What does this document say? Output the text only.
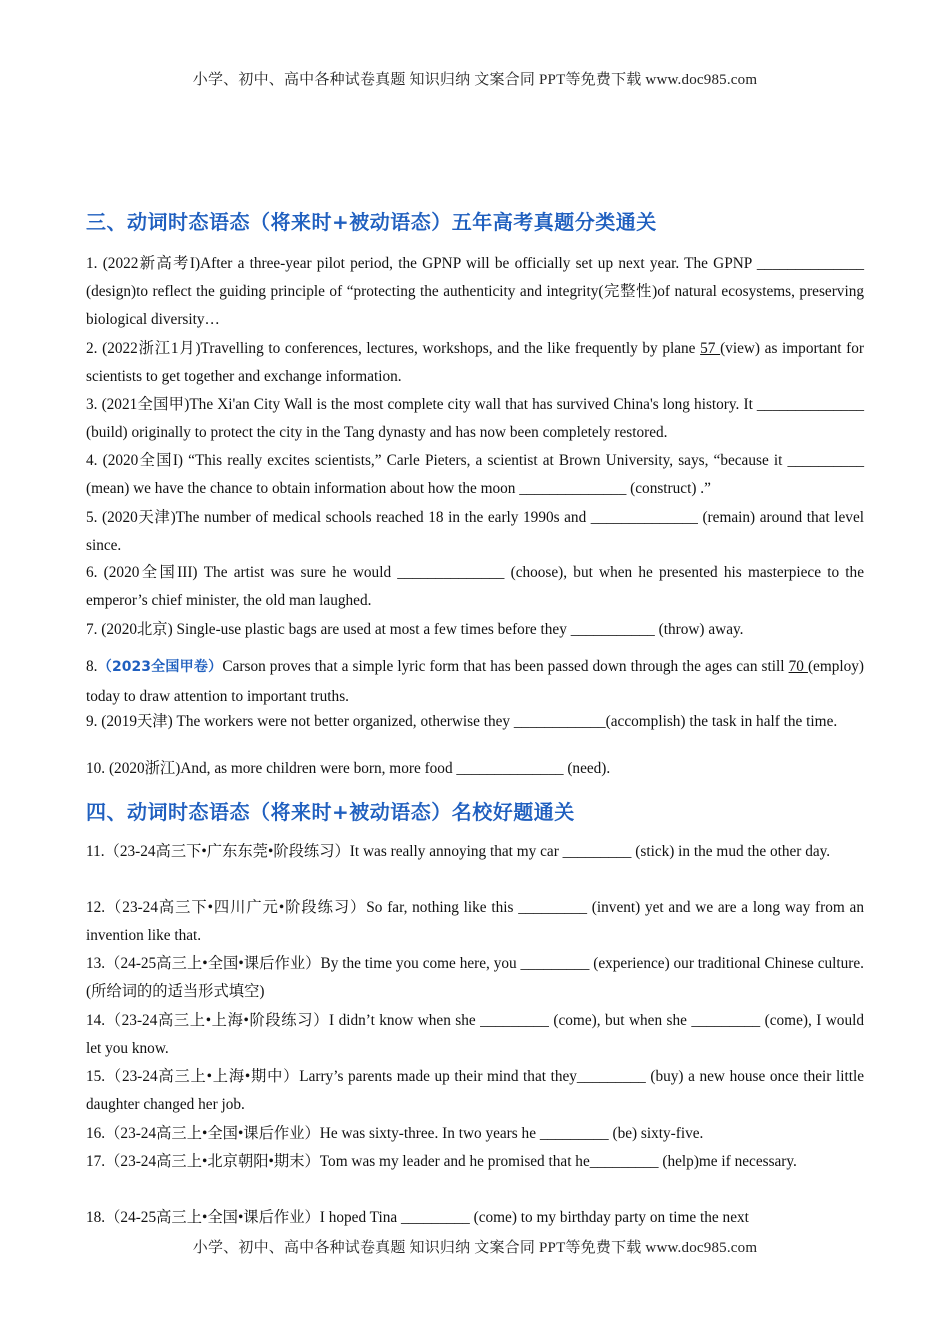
小学、初中、高中各种试卷真题 知识归纳 文案合同 PPT等免费下载 www.doc985.com
三、动词时态语态（将来时+被动语态）五年高考真题分类通关
1. (2022新高考I)After a three-year pilot period, the GPNP will be officially set up next year. The GPNP ______________ (design)to reflect the guiding principle of “protecting the authenticity and integrity(完整性)of natural ecosystems, preserving biological diversity…
2. (2022浙江1月)Travelling to conferences, lectures, workshops, and the like frequently by plane 57 (view) as important for scientists to get together and exchange information.
3. (2021全国甲)The Xi'an City Wall is the most complete city wall that has survived China's long history. It ______________ (build) originally to protect the city in the Tang dynasty and has now been completely restored.
4. (2020全国I) “This really excites scientists,” Carle Pieters, a scientist at Brown University, says, “because it __________ (mean) we have the chance to obtain information about how the moon ______________ (construct) .”
5. (2020天津)The number of medical schools reached 18 in the early 1990s and ______________ (remain) around that level since.
6. (2020全国III) The artist was sure he would ______________ (choose), but when he presented his masterpiece to the emperor’s chief minister, the old man laughed.
7. (2020北京) Single-use plastic bags are used at most a few times before they ___________ (throw) away.
8.（2023全国甲卷）Carson proves that a simple lyric form that has been passed down through the ages can still 70 (employ) today to draw attention to important truths.
9. (2019天津) The workers were not better organized, otherwise they ____________(accomplish) the task in half the time.
10. (2020浙江)And, as more children were born, more food ______________ (need).
四、动词时态语态（将来时+被动语态）名校好题通关
11.（23-24高三下•广东东莞•阶段练习）It was really annoying that my car _________ (stick) in the mud the other day.
12.（23-24高三下•四川广元•阶段练习）So far, nothing like this _________ (invent) yet and we are a long way from an invention like that.
13.（24-25高三上•全国•课后作业）By the time you come here, you _________ (experience) our traditional Chinese culture. (所给词的的适当形式填空)
14.（23-24高三上•上海•阶段练习）I didn’t know when she _________ (come), but when she _________ (come), I would let you know.
15.（23-24高三上•上海•期中）Larry’s parents made up their mind that they_________ (buy) a new house once their little daughter changed her job.
16.（23-24高三上•全国•课后作业）He was sixty-three. In two years he _________ (be) sixty-five.
17.（23-24高三上•北京朝阳•期末）Tom was my leader and he promised that he_________ (help)me if necessary.
18.（24-25高三上•全国•课后作业）I hoped Tina _________ (come) to my birthday party on time the next
小学、初中、高中各种试卷真题 知识归纳 文案合同 PPT等免费下载 www.doc985.com
